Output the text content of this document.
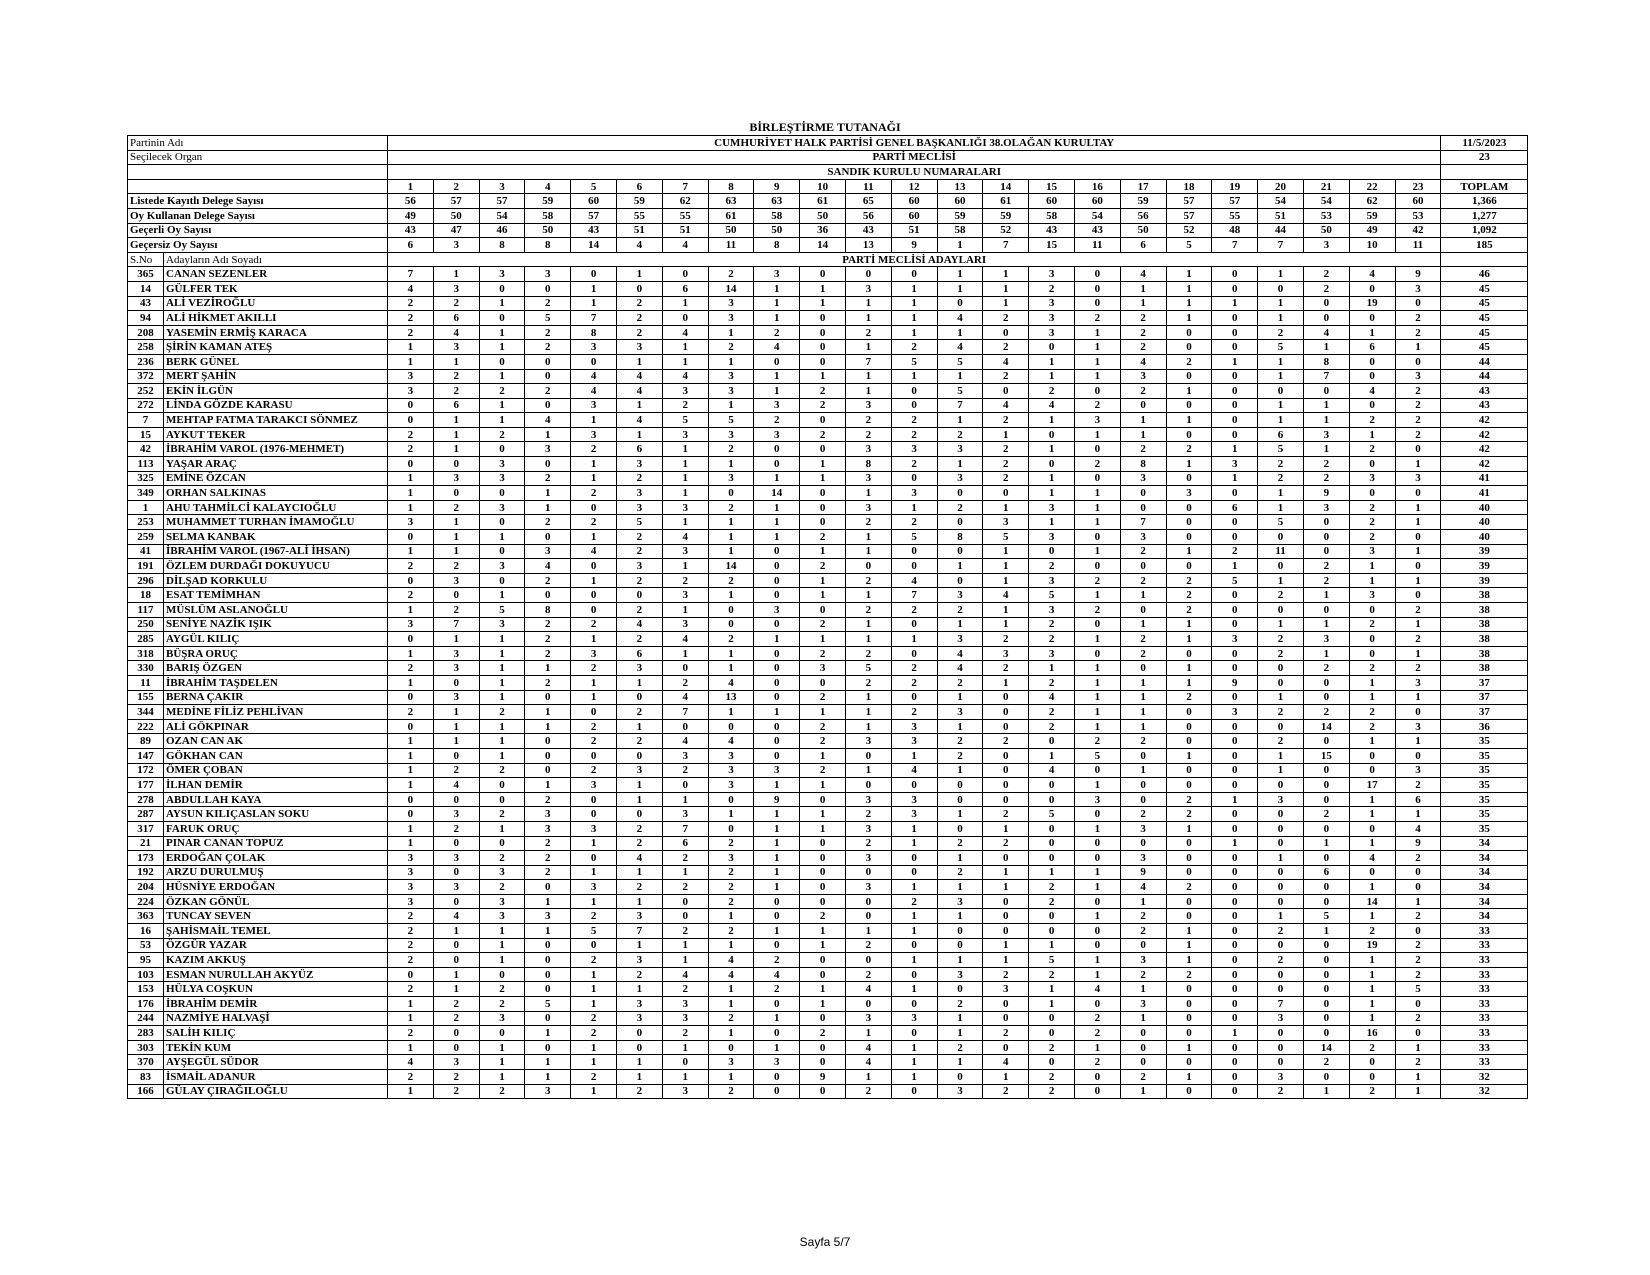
BİRLEŞTİRME TUTANAĞI
Partinin Adı		CUMHURİYET HALK PARTİSİ GENEL BAŞKANLIĞI 38.OLAĞAN KURULTAY																							11/5/2023
Seçilecek Organ		PARTİ MECLİSİ																							23
		SANDIK KURULU NUMARALARI																							
		1	2	3	4	5	6	7	8	9	10	11	12	13	14	15	16	17	18	19	20	21	22	23	TOPLAM
Listede Kayıtlı Delege Sayısı		56	57	57	59	60	59	62	63	63	61	65	60	60	61	60	60	59	57	57	54	54	62	60	1,366
Oy Kullanan Delege Sayısı		49	50	54	58	57	55	55	61	58	50	56	60	59	59	58	54	56	57	55	51	53	59	53	1,277
Geçerli Oy Sayısı		43	47	46	50	43	51	51	50	50	36	43	51	58	52	43	43	50	52	48	44	50	49	42	1,092
Geçersiz Oy Sayısı		6	3	8	8	14	4	4	11	8	14	13	9	1	7	15	11	6	5	7	7	3	10	11	185
S.No	Adayların Adı Soyadı	PARTİ MECLİSİ ADAYLARI																							
365	CANAN SEZENLER	7	1	3	3	0	1	0	2	3	0	0	0	1	1	3	0	4	1	0	1	2	4	9	46
14	GÜLFER TEK	4	3	0	0	1	0	6	14	1	1	3	1	1	1	2	0	1	1	0	0	2	0	3	45
43	ALİ VEZİROĞLU	2	2	1	2	1	2	1	3	1	1	1	1	0	1	3	0	1	1	1	1	0	19	0	45
94	ALİ HİKMET AKILLI	2	6	0	5	7	2	0	3	1	0	1	1	4	2	3	2	2	1	0	1	0	0	2	45
208	YASEMİN ERMİŞ KARACA	2	4	1	2	8	2	4	1	2	0	2	1	1	0	3	1	2	0	0	2	4	1	2	45
258	ŞİRİN KAMAN ATEŞ	1	3	1	2	3	3	1	2	4	0	1	2	4	2	0	1	2	0	0	5	1	6	1	45
236	BERK GÜNEL	1	1	0	0	0	1	1	1	0	0	7	5	5	4	1	1	4	2	1	1	8	0	0	44
372	MERT ŞAHİN	3	2	1	0	4	4	4	3	1	1	1	1	1	2	1	1	3	0	0	1	7	0	3	44
252	EKİN İLGÜN	3	2	2	2	4	4	3	3	1	2	1	0	5	0	2	0	2	1	0	0	0	4	2	43
272	LİNDA GÖZDE KARASU	0	6	1	0	3	1	2	1	3	2	3	0	7	4	4	2	0	0	0	1	1	0	2	43
7	MEHTAP FATMA TARAKCI SÖNMEZ	0	1	1	4	1	4	5	5	2	0	2	2	1	2	1	3	1	1	0	1	1	2	2	42
15	AYKUT TEKER	2	1	2	1	3	1	3	3	3	2	2	2	2	1	0	1	1	0	0	6	3	1	2	42
42	İBRAHİM VAROL (1976-MEHMET)	2	1	0	3	2	6	1	2	0	0	3	3	3	2	1	0	2	2	1	5	1	2	0	42
113	YAŞAR ARAÇ	0	0	3	0	1	3	1	1	0	1	8	2	1	2	0	2	8	1	3	2	2	0	1	42
325	EMİNE ÖZCAN	1	3	3	2	1	2	1	3	1	1	3	0	3	2	1	0	3	0	1	2	2	3	3	41
349	ORHAN SALKINAS	1	0	0	1	2	3	1	0	14	0	1	3	0	0	1	1	0	3	0	1	9	0	0	41
1	AHU TAHMİLCİ KALAYCIOĞLU	1	2	3	1	0	3	3	2	1	0	3	1	2	1	3	1	0	0	6	1	3	2	1	40
253	MUHAMMET TURHAN İMAMOĞLU	3	1	0	2	2	5	1	1	1	0	2	2	0	3	1	1	7	0	0	5	0	2	1	40
259	SELMA KANBAK	0	1	1	0	1	2	4	1	1	2	1	5	8	5	3	0	3	0	0	0	0	2	0	40
41	İBRAHİM VAROL (1967-ALİ İHSAN)	1	1	0	3	4	2	3	1	0	1	1	0	0	1	0	1	2	1	2	11	0	3	1	39
191	ÖZLEM DURDAĞI DOKUYUCU	2	2	3	4	0	3	1	14	0	2	0	0	1	1	2	0	0	0	1	0	2	1	0	39
296	DİLŞAD KORKULU	0	3	0	2	1	2	2	2	0	1	2	4	0	1	3	2	2	2	5	1	2	1	1	39
18	ESAT TEMİMHAN	2	0	1	0	0	0	3	1	0	1	1	7	3	4	5	1	1	2	0	2	1	3	0	38
117	MÜSLÜM ASLANOĞLU	1	2	5	8	0	2	1	0	3	0	2	2	2	1	3	2	0	2	0	0	0	0	2	38
250	SENİYE NAZİK IŞIK	3	7	3	2	2	4	3	0	0	2	1	0	1	1	2	0	1	1	0	1	1	2	1	38
285	AYGÜL KILIÇ	0	1	1	2	1	2	4	2	1	1	1	1	3	2	2	1	2	1	3	2	3	0	2	38
318	BÜŞRA ORUÇ	1	3	1	2	3	6	1	1	0	2	2	0	4	3	3	0	2	0	0	2	1	0	1	38
330	BARIŞ ÖZGEN	2	3	1	1	2	3	0	1	0	3	5	2	4	2	1	1	0	1	0	0	2	2	2	38
11	İBRAHİM TAŞDELEN	1	0	1	2	1	1	2	4	0	0	2	2	2	1	2	1	1	1	9	0	0	1	3	37
155	BERNA ÇAKIR	0	3	1	0	1	0	4	13	0	2	1	0	1	0	4	1	1	2	0	1	0	1	1	37
344	MEDİNE FİLİZ PEHLİVAN	2	1	2	1	0	2	7	1	1	1	1	2	3	0	2	1	1	0	3	2	2	2	0	37
222	ALİ GÖKPINAR	0	1	1	1	2	1	0	0	0	2	1	3	1	0	2	1	1	0	0	0	14	2	3	36
89	OZAN CAN AK	1	1	1	0	2	2	4	4	0	2	3	3	2	2	0	2	2	0	0	2	0	1	1	35
147	GÖKHAN CAN	1	0	1	0	0	0	3	3	0	1	0	1	2	0	1	5	0	1	0	1	15	0	0	35
172	ÖMER ÇOBAN	1	2	2	0	2	3	2	3	3	2	1	4	1	0	4	0	1	0	0	1	0	0	3	35
177	İLHAN DEMİR	1	4	0	1	3	1	0	3	1	1	0	0	0	0	0	1	0	0	0	0	0	17	2	35
278	ABDULLAH KAYA	0	0	0	2	0	1	1	0	9	0	3	3	0	0	0	3	0	2	1	3	0	1	6	35
287	AYSUN KILIÇASLAN SOKU	0	3	2	3	0	0	3	1	1	1	2	3	1	2	5	0	2	2	0	0	2	1	1	35
317	FARUK ORUÇ	1	2	1	3	3	2	7	0	1	1	3	1	0	1	0	1	3	1	0	0	0	0	4	35
21	PINAR CANAN TOPUZ	1	0	0	2	1	2	6	2	1	0	2	1	2	2	0	0	0	0	1	0	1	1	9	34
173	ERDOĞAN ÇOLAK	3	3	2	2	0	4	2	3	1	0	3	0	1	0	0	0	3	0	0	1	0	4	2	34
192	ARZU DURULMUŞ	3	0	3	2	1	1	1	2	1	0	0	0	2	1	1	1	9	0	0	0	6	0	0	34
204	HÜSNİYE ERDOĞAN	3	3	2	0	3	2	2	2	1	0	3	1	1	1	2	1	4	2	0	0	0	1	0	34
224	ÖZKAN GÖNÜL	3	0	3	1	1	1	0	2	0	0	0	2	3	0	2	0	1	0	0	0	0	14	1	34
363	TUNCAY SEVEN	2	4	3	3	2	3	0	1	0	2	0	1	1	0	0	1	2	0	0	1	5	1	2	34
16	ŞAHİSMAİL TEMEL	2	1	1	1	5	7	2	2	1	1	1	1	0	0	0	0	2	1	0	2	1	2	0	33
53	ÖZGÜR YAZAR	2	0	1	0	0	1	1	1	0	1	2	0	0	1	1	0	0	1	0	0	0	19	2	33
95	KAZIM AKKUŞ	2	0	1	0	2	3	1	4	2	0	0	1	1	1	5	1	3	1	0	2	0	1	2	33
103	ESMAN NURULLAH AKYÜZ	0	1	0	0	1	2	4	4	4	0	2	0	3	2	2	1	2	2	0	0	0	1	2	33
153	HÜLYA COŞKUN	2	1	2	0	1	1	2	1	2	1	4	1	0	3	1	4	1	0	0	0	0	1	5	33
176	İBRAHİM DEMİR	1	2	2	5	1	3	3	1	0	1	0	0	2	0	1	0	3	0	0	7	0	1	0	33
244	NAZMİYE HALVAŞİ	1	2	3	0	2	3	3	2	1	0	3	3	1	0	0	2	1	0	0	3	0	1	2	33
283	SALİH KILIÇ	2	0	0	1	2	0	2	1	0	2	1	0	1	2	0	2	0	0	1	0	0	16	0	33
303	TEKİN KUM	1	0	1	0	1	0	1	0	1	0	4	1	2	0	2	1	0	1	0	0	14	2	1	33
370	AYŞEGÜL SÜDOR	4	3	1	1	1	1	0	3	3	0	4	1	1	4	0	2	0	0	0	0	2	0	2	33
83	İSMAİL ADANUR	2	2	1	1	2	1	1	1	0	9	1	1	0	1	2	0	2	1	0	3	0	0	1	32
166	GÜLAY ÇIRAĞILOĞLU	1	2	2	3	1	2	3	2	0	0	2	0	3	2	2	0	1	0	0	2	1	2	1	32
Sayfa 5/7
